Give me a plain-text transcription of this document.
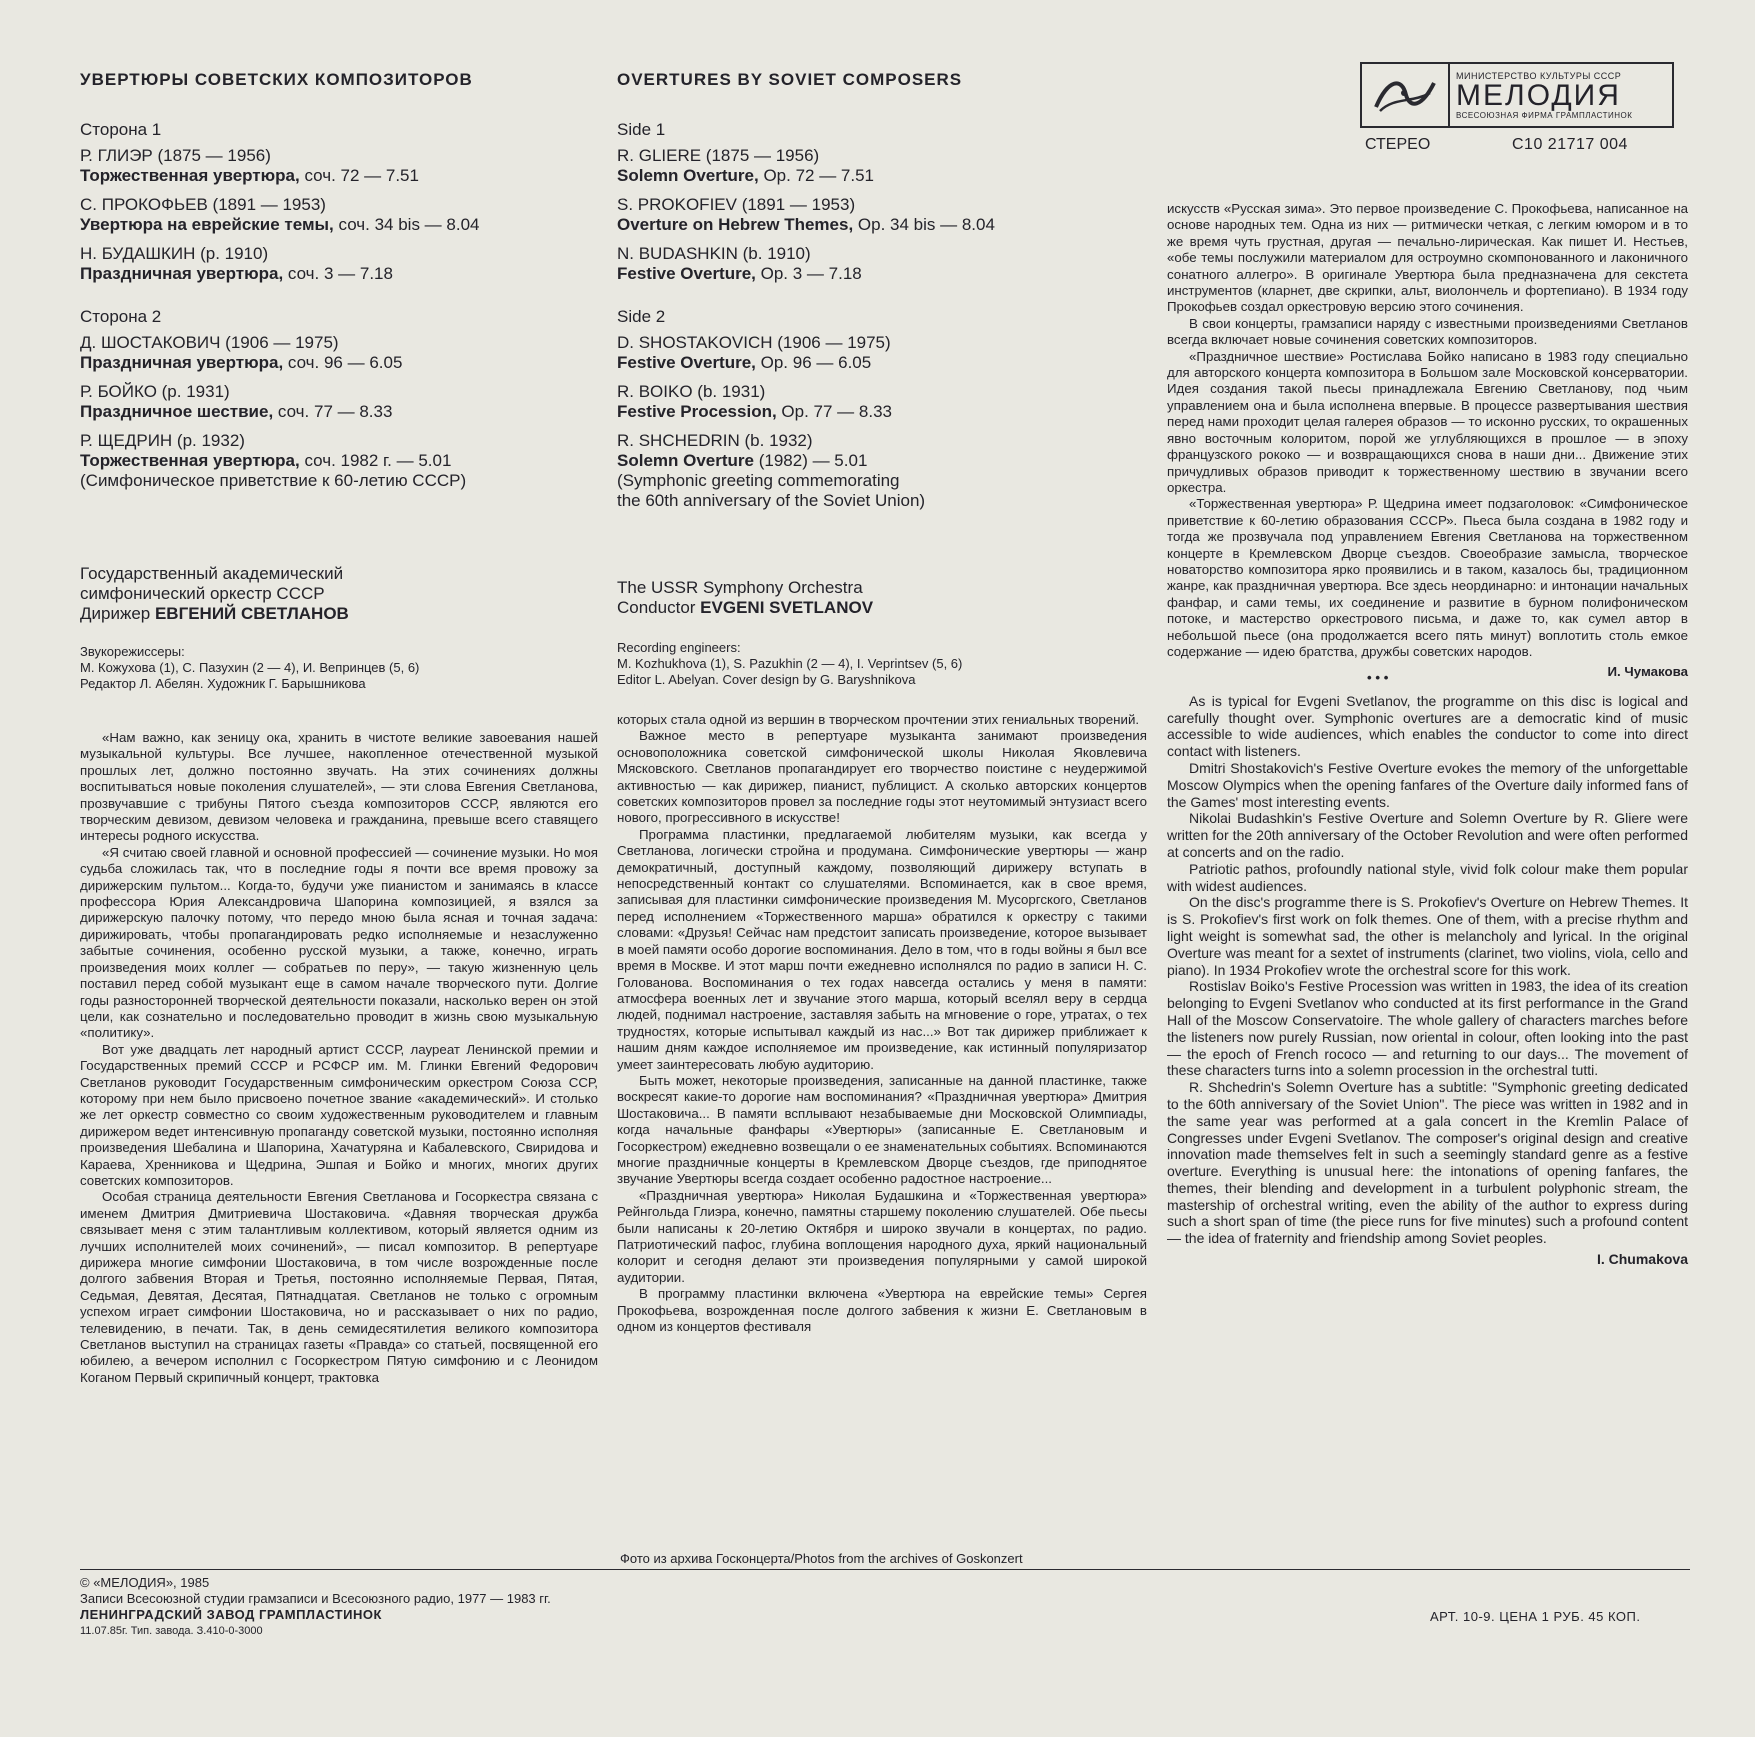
УВЕРТЮРЫ СОВЕТСКИХ КОМПОЗИТОРОВ	OVERTURES BY SOVIET COMPOSERS	МИНИСТЕРСТВО КУЛЬТУРЫ СССР
МЕЛОДИЯ
ВСЕСОЮЗНАЯ ФИРМА ГРАМПЛАСТИНОК
СТЕРЕО	С10 21717 004

Сторона 1

Р. ГЛИЭР (1875 — 1956)

Торжественная увертюра, соч. 72 — 7.51

С. ПРОКОФЬЕВ (1891 — 1953)

Увертюра на еврейские темы, соч. 34 bis — 8.04

Н. БУДАШКИН (р. 1910)

Праздничная увертюра, соч. 3 — 7.18

Сторона 2

Д. ШОСТАКОВИЧ (1906 — 1975)

Праздничная увертюра, соч. 96 — 6.05

Р. БОЙКО (р. 1931)

Праздничное шествие, соч. 77 — 8.33

Р. ЩЕДРИН (р. 1932)

Торжественная увертюра, соч. 1982 г. — 5.01

(Симфоническое приветствие к 60-летию СССР)

Государственный академический
симфонический оркестр СССР
Дирижер ЕВГЕНИЙ СВЕТЛАНОВ
Звукорежиссеры:
М. Кожухова (1), С. Пазухин (2 — 4), И. Вепринцев (5, 6)
Редактор Л. Абелян. Художник Г. Барышникова

Side 1

R. GLIERE (1875 — 1956)

Solemn Overture, Op. 72 — 7.51

S. PROKOFIEV (1891 — 1953)

Overture on Hebrew Themes, Op. 34 bis — 8.04

N. BUDASHKIN (b. 1910)

Festive Overture, Op. 3 — 7.18

Side 2

D. SHOSTAKOVICH (1906 — 1975)

Festive Overture, Op. 96 — 6.05

R. BOIKO (b. 1931)

Festive Procession, Op. 77 — 8.33

R. SHCHEDRIN (b. 1932)

Solemn Overture (1982) — 5.01

(Symphonic greeting commemorating

the 60th anniversary of the Soviet Union)

The USSR Symphony Orchestra
Conductor EVGENI SVETLANOV
Recording engineers:
M. Kozhukhova (1), S. Pazukhin (2 — 4), I. Veprintsev (5, 6)
Editor L. Abelyan. Cover design by G. Baryshnikova

«Нам важно, как зеницу ока, хранить в чистоте великие завоевания нашей музыкальной культуры. Все лучшее, накопленное отечественной музыкой прошлых лет, должно постоянно звучать. На этих сочинениях должны воспитываться новые поколения слушателей», — эти слова Евгения Светланова, прозвучавшие с трибуны Пятого съезда композиторов СССР, являются его творческим девизом, девизом человека и гражданина, превыше всего ставящего интересы родного искусства.

«Я считаю своей главной и основной профессией — сочинение музыки. Но моя судьба сложилась так, что в последние годы я почти все время провожу за дирижерским пультом... Когда-то, будучи уже пианистом и занимаясь в классе профессора Юрия Александровича Шапорина композицией, я взялся за дирижерскую палочку потому, что передо мною была ясная и точная задача: дирижировать, чтобы пропагандировать редко исполняемые и незаслуженно забытые сочинения, особенно русской музыки, а также, конечно, играть произведения моих коллег — собратьев по перу», — такую жизненную цель поставил перед собой музыкант еще в самом начале творческого пути. Долгие годы разносторонней творческой деятельности показали, насколько верен он этой цели, как сознательно и последовательно проводит в жизнь свою музыкальную «политику».

Вот уже двадцать лет народный артист СССР, лауреат Ленинской премии и Государственных премий СССР и РСФСР им. М. Глинки Евгений Федорович Светланов руководит Государственным симфоническим оркестром Союза ССР, которому при нем было присвоено почетное звание «академический». И столько же лет оркестр совместно со своим художественным руководителем и главным дирижером ведет интенсивную пропаганду советской музыки, постоянно исполняя произведения Шебалина и Шапорина, Хачатуряна и Кабалевского, Свиридова и Караева, Хренникова и Щедрина, Эшпая и Бойко и многих, многих других советских композиторов.

Особая страница деятельности Евгения Светланова и Госоркестра связана с именем Дмитрия Дмитриевича Шостаковича. «Давняя творческая дружба связывает меня с этим талантливым коллективом, который является одним из лучших исполнителей моих сочинений», — писал композитор. В репертуаре дирижера многие симфонии Шостаковича, в том числе возрожденные после долгого забвения Вторая и Третья, постоянно исполняемые Первая, Пятая, Седьмая, Девятая, Десятая, Пятнадцатая. Светланов не только с огромным успехом играет симфонии Шостаковича, но и рассказывает о них по радио, телевидению, в печати. Так, в день семидесятилетия великого композитора Светланов выступил на страницах газеты «Правда» со статьей, посвященной его юбилею, а вечером исполнил с Госоркестром Пятую симфонию и с Леонидом Коганом Первый скрипичный концерт, трактовка

которых стала одной из вершин в творческом прочтении этих гениальных творений.

Важное место в репертуаре музыканта занимают произведения основоположника советской симфонической школы Николая Яковлевича Мясковского. Светланов пропагандирует его творчество поистине с неудержимой активностью — как дирижер, пианист, публицист. А сколько авторских концертов советских композиторов провел за последние годы этот неутомимый энтузиаст всего нового, прогрессивного в искусстве!

Программа пластинки, предлагаемой любителям музыки, как всегда у Светланова, логически стройна и продумана. Симфонические увертюры — жанр демократичный, доступный каждому, позволяющий дирижеру вступать в непосредственный контакт со слушателями. Вспоминается, как в свое время, записывая для пластинки симфонические произведения М. Мусоргского, Светланов перед исполнением «Торжественного марша» обратился к оркестру с такими словами: «Друзья! Сейчас нам предстоит записать произведение, которое вызывает в моей памяти особо дорогие воспоминания. Дело в том, что в годы войны я был все время в Москве. И этот марш почти ежедневно исполнялся по радио в записи Н. С. Голованова. Воспоминания о тех годах навсегда остались у меня в памяти: атмосфера военных лет и звучание этого марша, который вселял веру в сердца людей, поднимал настроение, заставляя забыть на мгновение о горе, утратах, о тех трудностях, которые испытывал каждый из нас...» Вот так дирижер приближает к нашим дням каждое исполняемое им произведение, как истинный популяризатор умеет заинтересовать любую аудиторию.

Быть может, некоторые произведения, записанные на данной пластинке, также воскресят какие-то дорогие нам воспоминания? «Праздничная увертюра» Дмитрия Шостаковича... В памяти всплывают незабываемые дни Московской Олимпиады, когда начальные фанфары «Увертюры» (записанные Е. Светлановым и Госоркестром) ежедневно возвещали о ее знаменательных событиях. Вспоминаются многие праздничные концерты в Кремлевском Дворце съездов, где приподнятое звучание Увертюры всегда создает особенно радостное настроение...

«Праздничная увертюра» Николая Будашкина и «Торжественная увертюра» Рейнгольда Глиэра, конечно, памятны старшему поколению слушателей. Обе пьесы были написаны к 20-летию Октября и широко звучали в концертах, по радио. Патриотический пафос, глубина воплощения народного духа, яркий национальный колорит и сегодня делают эти произведения популярными у самой широкой аудитории.

В программу пластинки включена «Увертюра на еврейские темы» Сергея Прокофьева, возрожденная после долгого забвения к жизни Е. Светлановым в одном из концертов фестиваля

искусств «Русская зима». Это первое произведение С. Прокофьева, написанное на основе народных тем. Одна из них — ритмически четкая, с легким юмором и в то же время чуть грустная, другая — печально-лирическая. Как пишет И. Нестьев, «обе темы послужили материалом для остроумно скомпонованного и лаконичного сонатного аллегро». В оригинале Увертюра была предназначена для секстета инструментов (кларнет, две скрипки, альт, виолончель и фортепиано). В 1934 году Прокофьев создал оркестровую версию этого сочинения.

В свои концерты, грамзаписи наряду с известными произведениями Светланов всегда включает новые сочинения советских композиторов.

«Праздничное шествие» Ростислава Бойко написано в 1983 году специально для авторского концерта композитора в Большом зале Московской консерватории. Идея создания такой пьесы принадлежала Евгению Светланову, под чьим управлением она и была исполнена впервые. В процессе развертывания шествия перед нами проходит целая галерея образов — то исконно русских, то окрашенных явно восточным колоритом, порой же углубляющихся в прошлое — в эпоху французского рококо — и возвращающихся снова в наши дни... Движение этих причудливых образов приводит к торжественному шествию в звучании всего оркестра.

«Торжественная увертюра» Р. Щедрина имеет подзаголовок: «Симфоническое приветствие к 60-летию образования СССР». Пьеса была создана в 1982 году и тогда же прозвучала под управлением Евгения Светланова на торжественном концерте в Кремлевском Дворце съездов. Своеобразие замысла, творческое новаторство композитора ярко проявились и в таком, казалось бы, традиционном жанре, как праздничная увертюра. Все здесь неординарно: и интонации начальных фанфар, и сами темы, их соединение и развитие в бурном полифоническом потоке, и мастерство оркестрового письма, и даже то, как сумел автор в небольшой пьесе (она продолжается всего пять минут) воплотить столь емкое содержание — идею братства, дружбы советских народов.

• • •	И. Чумакова

As is typical for Evgeni Svetlanov, the programme on this disc is logical and carefully thought over. Symphonic overtures are a democratic kind of music accessible to wide audiences, which enables the conductor to come into direct contact with listeners.

Dmitri Shostakovich's Festive Overture evokes the memory of the unforgettable Moscow Olympics when the opening fanfares of the Overture daily informed fans of the Games' most interesting events.

Nikolai Budashkin's Festive Overture and Solemn Overture by R. Gliere were written for the 20th anniversary of the October Revolution and were often performed at concerts and on the radio.

Patriotic pathos, profoundly national style, vivid folk colour make them popular with widest audiences.

On the disc's programme there is S. Prokofiev's Overture on Hebrew Themes. It is S. Prokofiev's first work on folk themes. One of them, with a precise rhythm and light weight is somewhat sad, the other is melancholy and lyrical. In the original Overture was meant for a sextet of instruments (clarinet, two violins, viola, cello and piano). In 1934 Prokofiev wrote the orchestral score for this work.

Rostislav Boiko's Festive Procession was written in 1983, the idea of its creation belonging to Evgeni Svetlanov who conducted at its first performance in the Grand Hall of the Moscow Conservatoire. The whole gallery of characters marches before the listeners now purely Russian, now oriental in colour, often looking into the past — the epoch of French rococo — and returning to our days... The movement of these characters turns into a solemn procession in the orchestral tutti.

R. Shchedrin's Solemn Overture has a subtitle: "Symphonic greeting dedicated to the 60th anniversary of the Soviet Union". The piece was written in 1982 and in the same year was performed at a gala concert in the Kremlin Palace of Congresses under Evgeni Svetlanov. The composer's original design and creative innovation made themselves felt in such a seemingly standard genre as a festive overture. Everything is unusual here: the intonations of opening fanfares, the themes, their blending and development in a turbulent polyphonic stream, the mastership of orchestral writing, even the ability of the author to express during such a short span of time (the piece runs for five minutes) such a profound content — the idea of fraternity and friendship among Soviet peoples.

I. Chumakova

Фото из архива Госконцерта/Photos from the archives of Goskonzert
© «МЕЛОДИЯ», 1985
Записи Всесоюзной студии грамзаписи и Всесоюзного радио, 1977 — 1983 гг.
ЛЕНИНГРАДСКИЙ ЗАВОД ГРАМПЛАСТИНОК
11.07.85г. Тип. завода. З.410-0-3000
АРТ. 10-9. ЦЕНА 1 РУБ. 45 КОП.
